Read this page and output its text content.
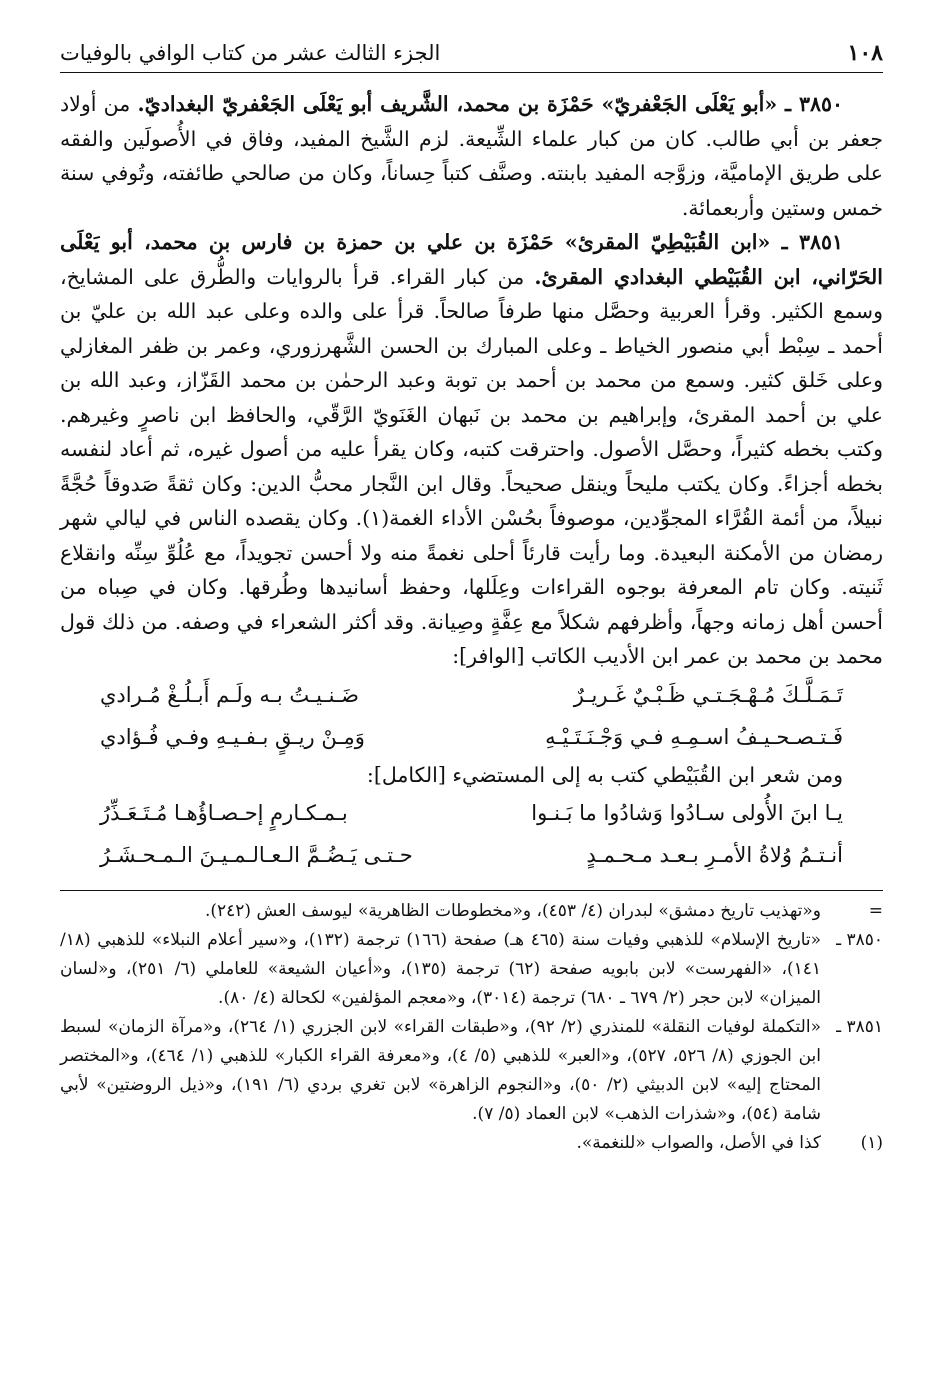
١٠٨
الجزء الثالث عشر من كتاب الوافي بالوفيات

٣٨٥٠ ـ «أبو يَعْلَى الجَعْفريّ» حَمْزَة بن محمد، الشَّريف أبو يَعْلَى الجَعْفريّ البغداديّ. من أولاد جعفر بن أبي طالب. كان من كبار علماء الشِّيعة. لزم الشَّيخ المفيد، وفاق في الأُصولَين والفقه على طريق الإماميَّة، وزوَّجه المفيد بابنته. وصنَّف كتباً حِساناً، وكان من صالحي طائفته، وتُوفي سنة خمس وستين وأربعمائة.

٣٨٥١ ـ «ابن القُبَيْطِيّ المقرئ» حَمْزَة بن علي بن حمزة بن فارس بن محمد، أبو يَعْلَى الحَرّاني، ابن القُبَيْطي البغدادي المقرئ. من كبار القراء. قرأ بالروايات والطُّرق على المشايخ، وسمع الكثير. وقرأ العربية وحصَّل منها طرفاً صالحاً. قرأ على والده وعلى عبد الله بن عليّ بن أحمد ـ سِبْط أبي منصور الخياط ـ وعلى المبارك بن الحسن الشَّهرزوري، وعمر بن ظفر المغازلي وعلى خَلق كثير. وسمع من محمد بن أحمد بن توبة وعبد الرحمٰن بن محمد القَزّاز، وعبد الله بن علي بن أحمد المقرئ، وإبراهيم بن محمد بن نَبهان الغَنَويّ الرَّقّي، والحافظ ابن ناصرٍ وغيرهم. وكتب بخطه كثيراً، وحصَّل الأصول. واحترقت كتبه، وكان يقرأ عليه من أصول غيره، ثم أعاد لنفسه بخطه أجزاءً. وكان يكتب مليحاً وينقل صحيحاً. وقال ابن النَّجار محبُّ الدين: وكان ثقةً صَدوقاً حُجَّةً نبيلاً، من أئمة القُرَّاء المجوِّدين، موصوفاً بحُسْن الأداء الغمة(١). وكان يقصده الناس في ليالي شهر رمضان من الأمكنة البعيدة. وما رأيت قارئاً أحلى نغمةً منه ولا أحسن تجويداً، مع عُلُوِّ سِنِّه وانقلاع ثَنيته. وكان تام المعرفة بوجوه القراءات وعِلَلها، وحفظ أسانيدها وطُرقها. وكان في صِباه من أحسن أهل زمانه وجهاً، وأظرفهم شكلاً مع عِفَّةٍ وصِيانة. وقد أكثر الشعراء في وصفه. من ذلك قول محمد بن محمد بن عمر ابن الأديب الكاتب [الوافر]:

تَـمَـلَّـكَ مُـهْـجَـتـي ظَـبْـيٌ غَـريـرٌ
ضَـنـيـتُ بـه ولَـم أَبـلُـغْ مُـرادي
فَـتـصـحـيـفُ اسـمِـهِ فـي وَجْـنَـتَـيْـهِ
وَمِـنْ ريـقٍ بـفـيـهِ وفـي فُـؤادي

ومن شعر ابن القُبَيْطي كتب به إلى المستضيء [الكامل]:

يـا ابنَ الأُولى سـادُوا وَشادُوا ما بَـنـوا
بـمـكـارمٍ إحـصـاؤُهـا مُـتَـعَـذِّرُ
أنـتـمُ وُلاةُ الأمـرِ بـعـد مـحـمـدٍ
حـتـى يَـضُـمَّ الـعـالـمـيـنَ الـمـحـشَـرُ
=
و«تهذيب تاريخ دمشق» لبدران (٤/ ٤٥٣)، و«مخطوطات الظاهرية» ليوسف العش (٢٤٢).
٣٨٥٠ ـ
«تاريخ الإسلام» للذهبي وفيات سنة (٤٦٥ هـ) صفحة (١٦٦) ترجمة (١٣٢)، و«سير أعلام النبلاء» للذهبي (١٨/ ١٤١)، «الفهرست» لابن بابويه صفحة (٦٢) ترجمة (١٣٥)، و«أعيان الشيعة» للعاملي (٦/ ٢٥١)، و«لسان الميزان» لابن حجر (٢/ ٦٧٩ ـ ٦٨٠) ترجمة (٣٠١٤)، و«معجم المؤلفين» لكحالة (٤/ ٨٠).
٣٨٥١ ـ
«التكملة لوفيات النقلة» للمنذري (٢/ ٩٢)، و«طبقات القراء» لابن الجزري (١/ ٢٦٤)، و«مرآة الزمان» لسبط ابن الجوزي (٨/ ٥٢٦، ٥٢٧)، و«العبر» للذهبي (٥/ ٤)، و«معرفة القراء الكبار» للذهبي (١/ ٤٦٤)، و«المختصر المحتاج إليه» لابن الدبيثي (٢/ ٥٠)، و«النجوم الزاهرة» لابن تغري بردي (٦/ ١٩١)، و«ذيل الروضتين» لأبي شامة (٥٤)، و«شذرات الذهب» لابن العماد (٥/ ٧).
(١)
كذا في الأصل، والصواب «للنغمة».
